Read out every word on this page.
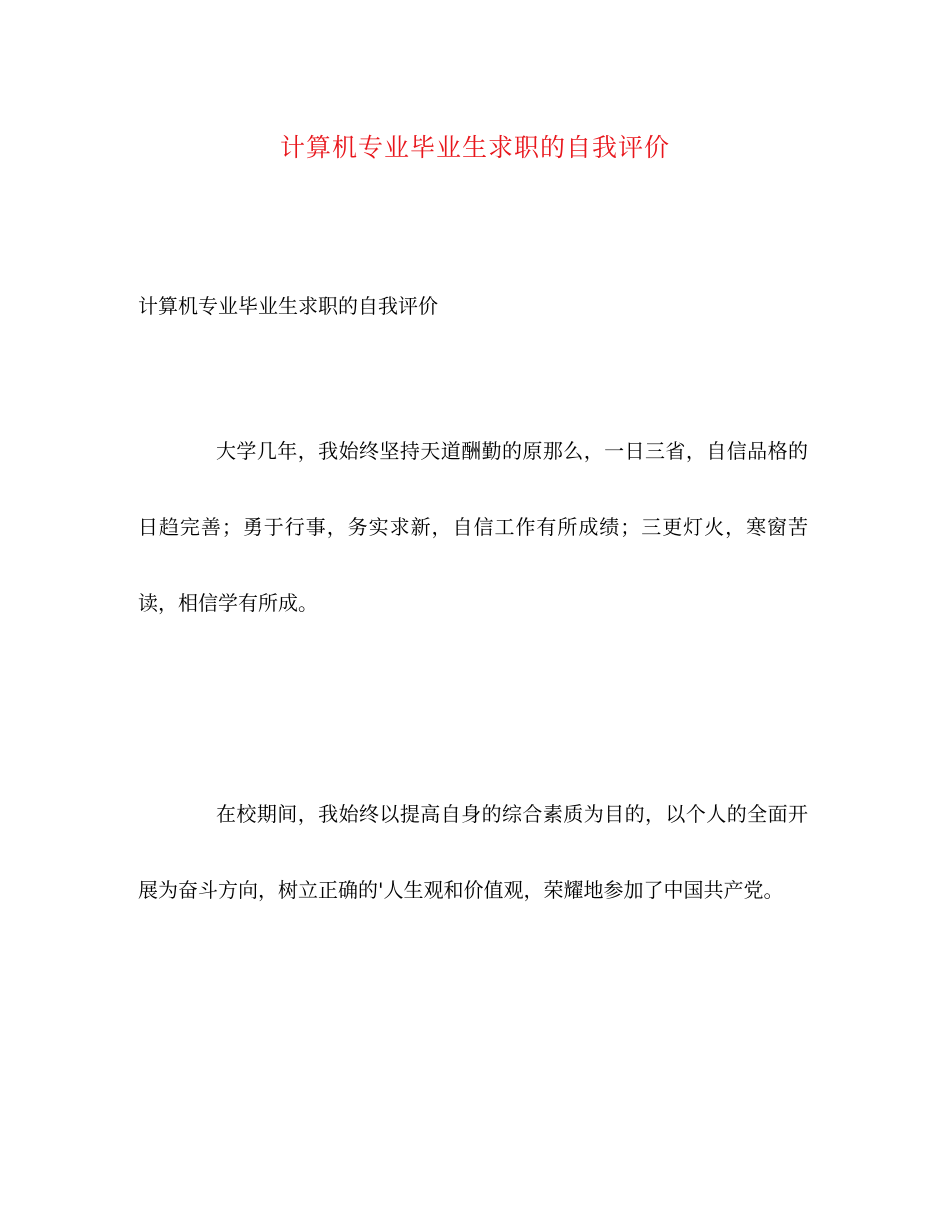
计算机专业毕业生求职的自我评价
计算机专业毕业生求职的自我评价

大学几年，我始终坚持天道酬勤的原那么，一日三省，自信品格的日趋完善；勇于行事，务实求新，自信工作有所成绩；三更灯火，寒窗苦读，相信学有所成。

在校期间，我始终以提高自身的综合素质为目的，以个人的全面开展为奋斗方向，树立正确的'人生观和价值观，荣耀地参加了中国共产党。
